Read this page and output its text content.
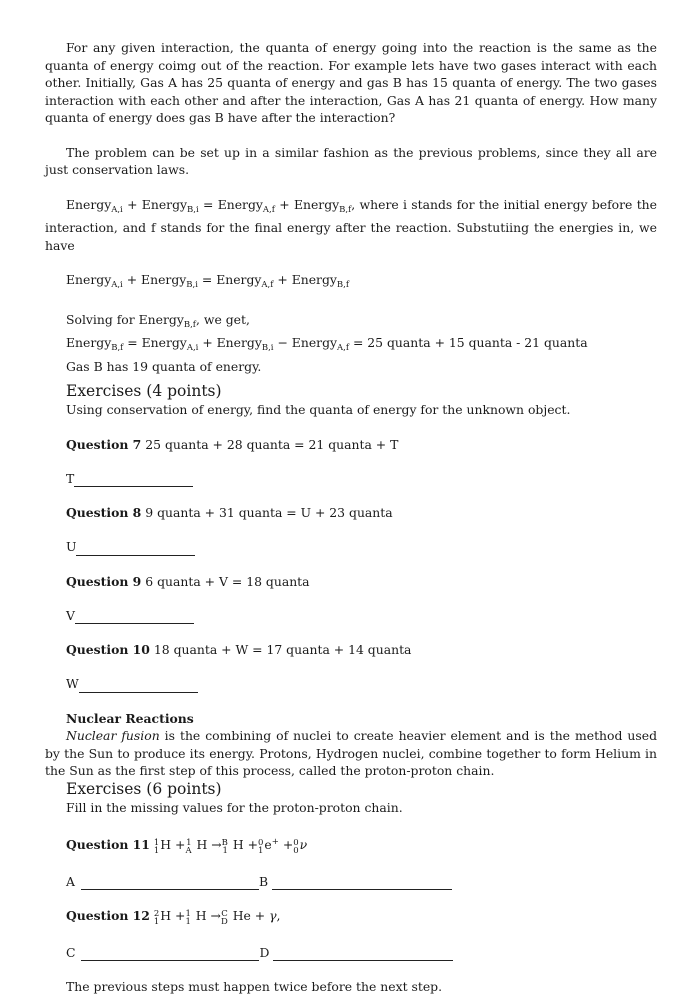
For any given interaction, the quanta of energy going into the reaction is the same as the quanta of energy coimg out of the reaction. For example lets have two gases interact with each other. Initially, Gas A has 25 quanta of energy and gas B has 15 quanta of energy. The two gases interaction with each other and after the interaction, Gas A has 21 quanta of energy. How many quanta of energy does gas B have after the interaction?

The problem can be set up in a similar fashion as the previous problems, since they all are just conservation laws.

Energy$_{A,i}$ + Energy$_{B,i}$ = Energy$_{A,f}$ + Energy$_{B,f}$, where i stands for the initial energy before the interaction, and f stands for the final energy after the reaction. Substutiing the energies in, we have

Energy$_{A,i}$ + Energy$_{B,i}$ = Energy$_{A,f}$ + Energy$_{B,f}$

Solving for Energy$_{B,f}$, we get,
Energy$_{B,f}$ = Energy$_{A,i}$ + Energy$_{B,i}$ − Energy$_{A,f}$ = 25 quanta + 15 quanta - 21 quanta
Gas B has 19 quanta of energy.
Exercises (4 points)
Using conservation of energy, find the quanta of energy for the unknown object.
Question 7 25 quanta + 28 quanta = 21 quanta + T
T
Question 8 9 quanta + 31 quanta = U + 23 quanta
U
Question 9 6 quanta + V = 18 quanta
V
Question 10 18 quanta + W = 17 quanta + 14 quanta
W
Nuclear Reactions

Nuclear fusion is the combining of nuclei to create heavier element and is the method used by the Sun to produce its energy. Protons, Hydrogen nuclei, combine together to form Helium in the Sun as the first step of this process, called the proton-proton chain.

Exercises (6 points)
Fill in the missing values for the proton-proton chain.
Question 11 1
1 H + 1
A H → B
1 H + 0
1 e+ + 0
0 ν
A	B
Question 12 2
1 H + 1
1 H → C
D He + γ,
C	D
The previous steps must happen twice before the next step.
